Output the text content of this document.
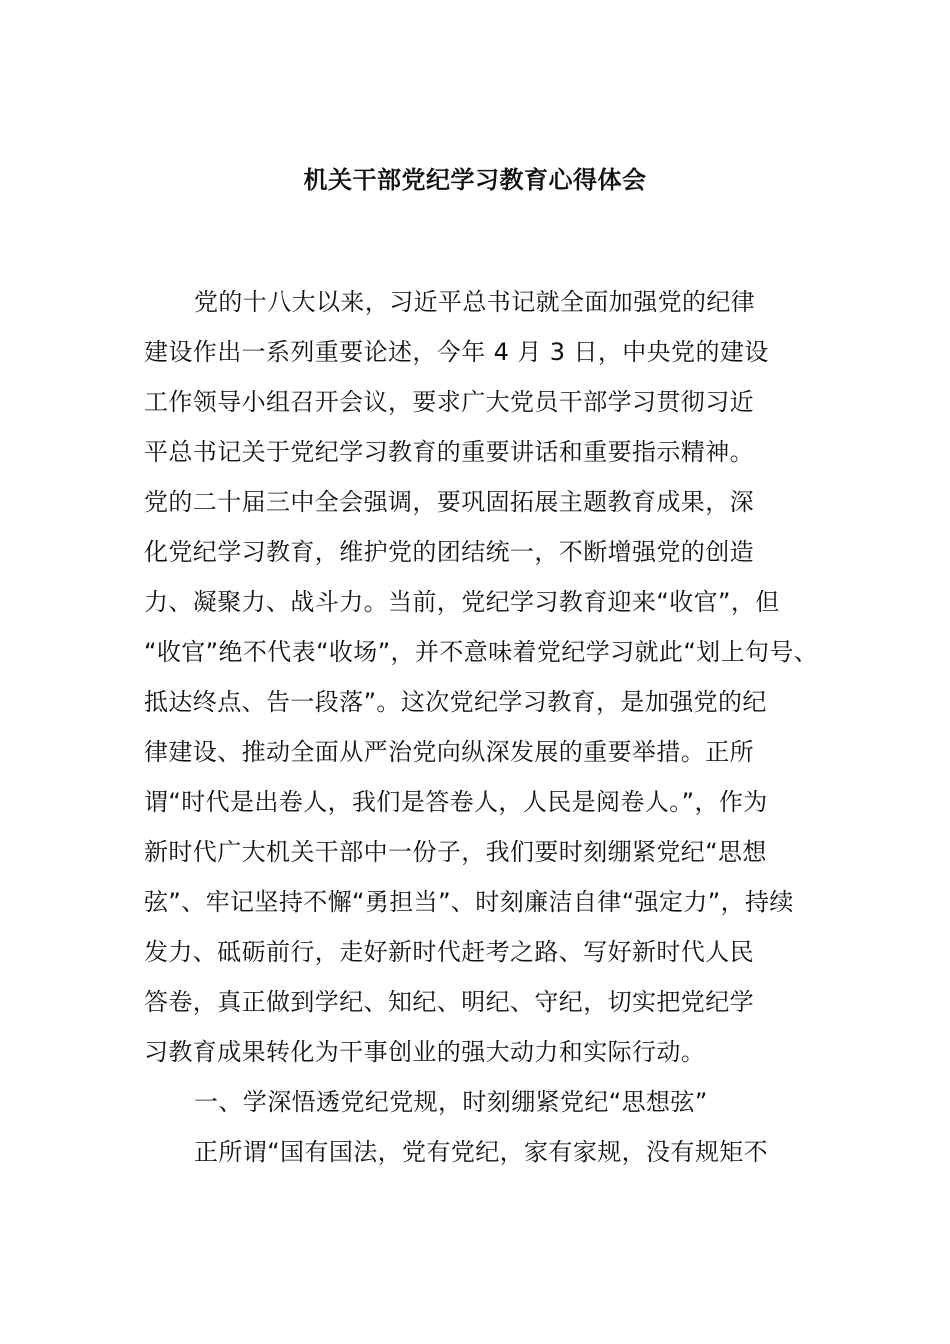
机关干部党纪学习教育心得体会
党的十八大以来，习近平总书记就全面加强党的纪律
建设作出一系列重要论述，今年 4 月 3 日，中央党的建设
工作领导小组召开会议，要求广大党员干部学习贯彻习近
平总书记关于党纪学习教育的重要讲话和重要指示精神。
党的二十届三中全会强调，要巩固拓展主题教育成果，深
化党纪学习教育，维护党的团结统一，不断增强党的创造
力、凝聚力、战斗力。当前，党纪学习教育迎来“收官”，但
“收官”绝不代表“收场”，并不意味着党纪学习就此“划上句号、
抵达终点、告一段落”。这次党纪学习教育，是加强党的纪
律建设、推动全面从严治党向纵深发展的重要举措。正所
谓“时代是出卷人，我们是答卷人，人民是阅卷人。”，作为
新时代广大机关干部中一份子，我们要时刻绷紧党纪“思想
弦”、牢记坚持不懈“勇担当”、时刻廉洁自律“强定力”，持续
发力、砥砺前行，走好新时代赶考之路、写好新时代人民
答卷，真正做到学纪、知纪、明纪、守纪，切实把党纪学
习教育成果转化为干事创业的强大动力和实际行动。
一、学深悟透党纪党规，时刻绷紧党纪“思想弦”
正所谓“国有国法，党有党纪，家有家规，没有规矩不
